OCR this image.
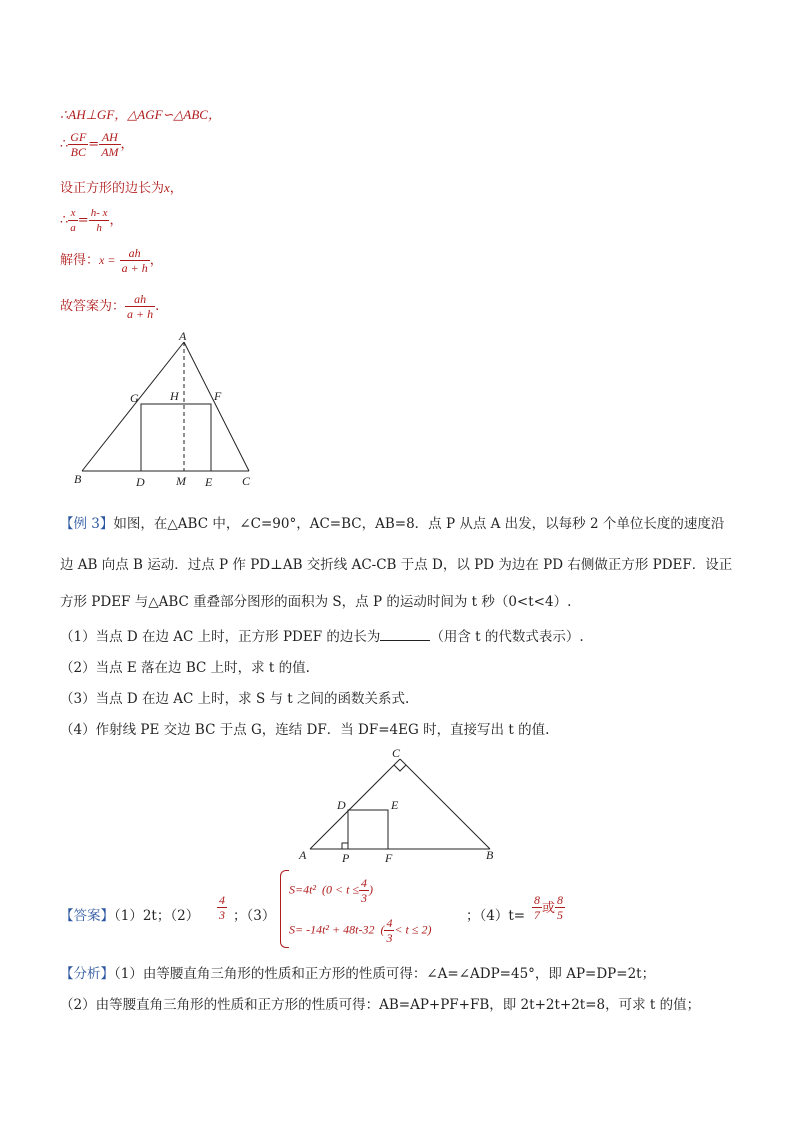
∴AH⊥GF，△AGF∽△ABC，
∴ $\frac{GF}{BC} = \frac{AH}{AM}$ ，
设正方形的边长为x，
∴ $\frac{x}{a} = \frac{h- x}{h}$ ，
解得：$x = \frac{ah}{a + h}$ ，
故答案为： $\frac{ah}{a + h}$ .
A
G	H	F
B	D	M E C
【例 3】如图，在△ABC 中，∠C=90°，AC=BC，AB=8．点 P 从点 A 出发，以每秒 2 个单位长度的速度沿
边 AB 向点 B 运动．过点 P 作 PD⊥AB 交折线 AC-CB 于点 D，以 PD 为边在 PD 右侧做正方形 PDEF．设正
方形 PDEF 与△ABC 重叠部分图形的面积为 S，点 P 的运动时间为 t 秒（0<t<4）.
（1）当点 D 在边 AC 上时，正方形 PDEF 的边长为	（用含 t 的代数式表示）.
（2）当点 E 落在边 BC 上时，求 t 的值.
（3）当点 D 在边 AC 上时，求 S 与 t 之间的函数关系式.
（4）作射线 PE 交边 BC 于点 G，连结 DF．当 DF=4EG 时，直接写出 t 的值.
C
D	E
A	P	F	B
【答案】（1）2t；$(2) \frac{4}{3}$ ；（3）
S=4t² ($0 < t \le \frac{4}{3}$ )
S= -14t² + 48t-32 ( $\frac{4}{3} < t \le 2$)
；$(4)t= \frac{8}{7}$ 或 $\frac{8}{5}$
【分析】（1）由等腰直角三角形的性质和正方形的性质可得：∠A=∠ADP=45°，即 AP=DP=2t；
（2）由等腰直角三角形的性质和正方形的性质可得：AB=AP+PF+FB，即 2t+2t+2t=8，可求 t 的值；
